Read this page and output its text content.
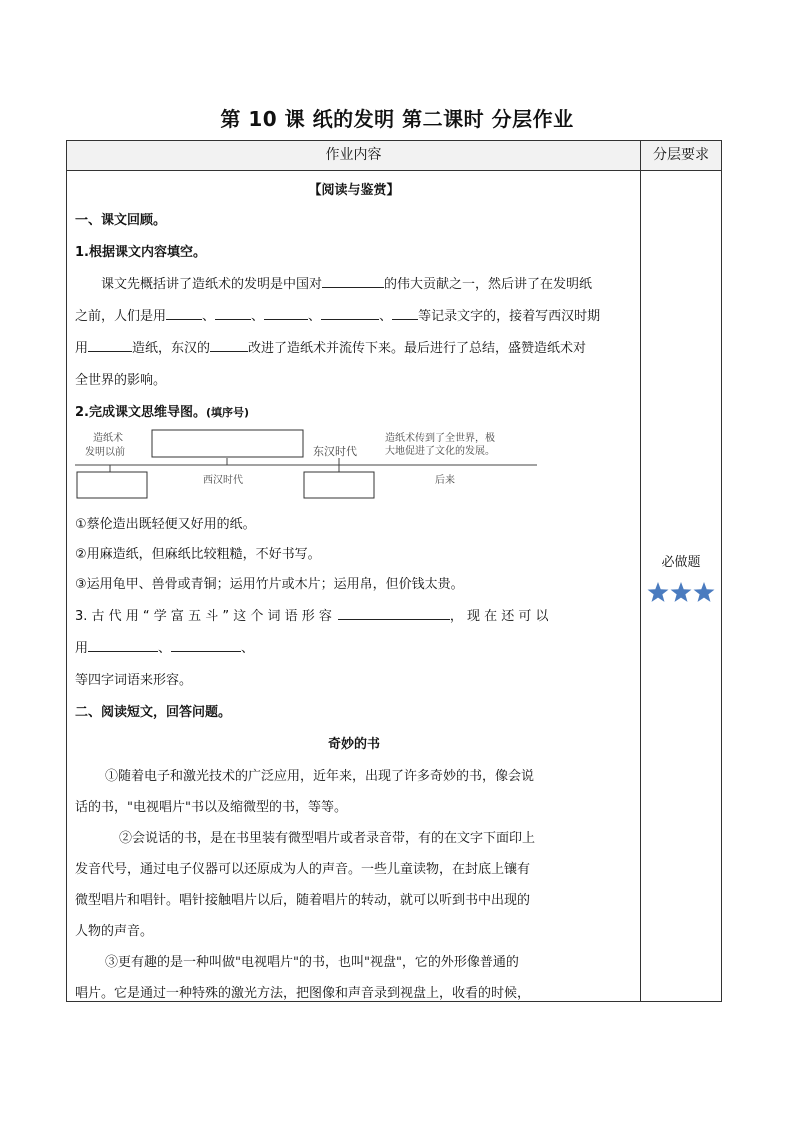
第 10 课 纸的发明 第二课时 分层作业
作业内容	分层要求
【阅读与鉴赏】
一、课文回顾。
1.根据课文内容填空。
课文先概括讲了造纸术的发明是中国对	的伟大贡献之一，然后讲了在发明纸
之前，人们是用	、	、	、	、 等记录文字的，接着写西汉时期
用	造纸，东汉的	改进了造纸术并流传下来。最后进行了总结，盛赞造纸术对
全世界的影响。
2.完成课文思维导图。(填序号)
造纸术
发明以前	东汉时代
造纸术传到了全世界，极
大地促进了文化的发展。
西汉时代	后来
①蔡伦造出既轻便又好用的纸。
②用麻造纸，但麻纸比较粗糙，不好书写。
③运用龟甲、兽骨或青铜；运用竹片或木片；运用帛，但价钱太贵。
3. 古 代 用 “ 学 富 五 斗 ” 这 个 词 语 形 容	， 现 在 还 可 以
用	、	、
等四字词语来形容。
二、阅读短文，回答问题。
奇妙的书
①随着电子和激光技术的广泛应用，近年来，出现了许多奇妙的书，像会说
话的书，"电视唱片"书以及缩微型的书，等等。
②会说话的书，是在书里装有微型唱片或者录音带，有的在文字下面印上
发音代号，通过电子仪器可以还原成为人的声音。一些儿童读物，在封底上镶有
微型唱片和唱针。唱针接触唱片以后，随着唱片的转动，就可以听到书中出现的
人物的声音。
③更有趣的是一种叫做"电视唱片"的书，也叫"视盘"，它的外形像普通的
唱片。它是通过一种特殊的激光方法，把图像和声音录到视盘上，收看的时候，
必做题
